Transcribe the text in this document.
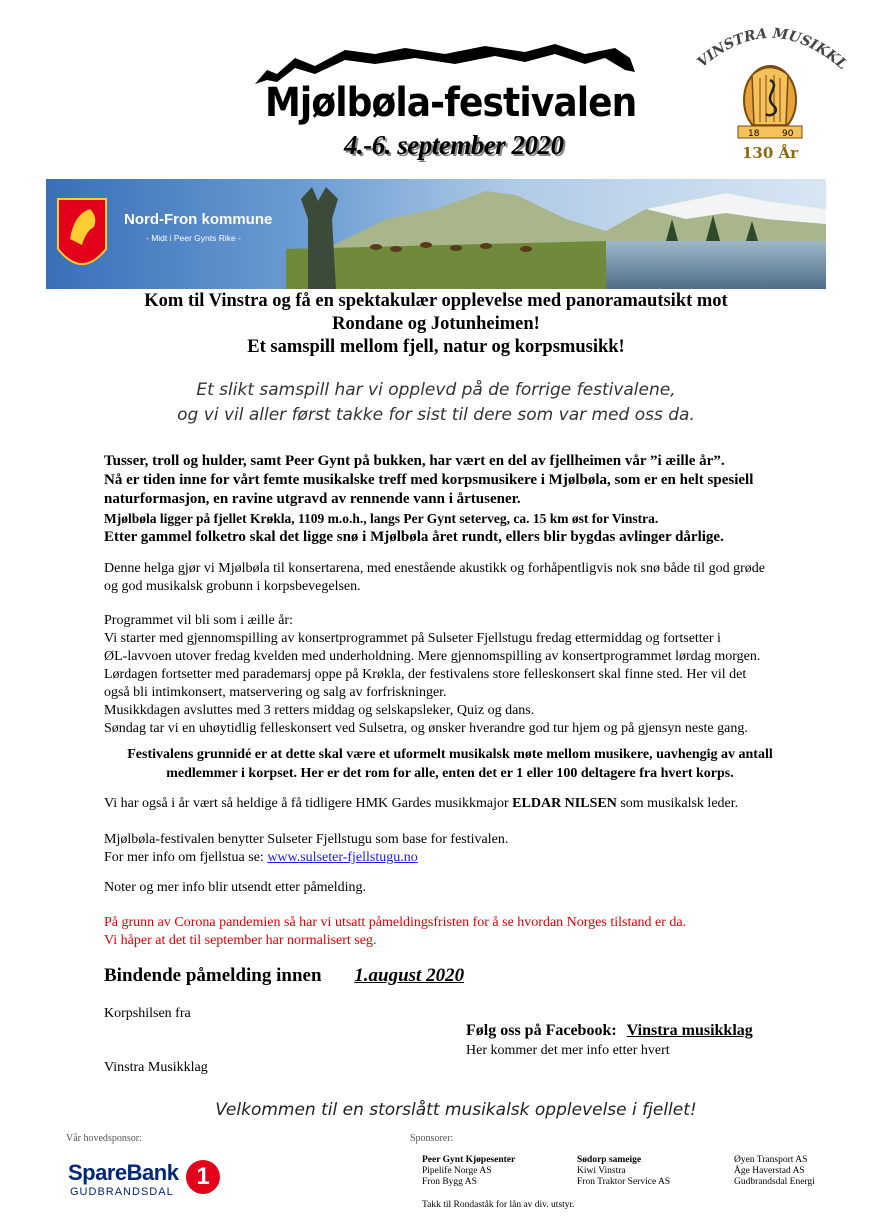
Mjølbøla-festivalen
4.-6. september 2020
VINSTRA MUSIKKL
18	90
130 År
Nord-Fron kommune
- Midt i Peer Gynts Rike -
Kom til Vinstra og få en spektakulær opplevelse med panoramautsikt mot
Rondane og Jotunheimen!
Et samspill mellom fjell, natur og korpsmusikk!
Et slikt samspill har vi opplevd på de forrige festivalene,
og vi vil aller først takke for sist til dere som var med oss da.
Tusser, troll og hulder, samt Peer Gynt på bukken, har vært en del av fjellheimen vår ”i æille år”.
Nå er tiden inne for vårt femte musikalske treff med korpsmusikere i Mjølbøla, som er en helt spesiell
naturformasjon, en ravine utgravd av rennende vann i årtusener.
Mjølbøla ligger på fjellet Krøkla, 1109 m.o.h., langs Per Gynt seterveg, ca. 15 km øst for Vinstra.
Etter gammel folketro skal det ligge snø i Mjølbøla året rundt, ellers blir bygdas avlinger dårlige.
Denne helga gjør vi Mjølbøla til konsertarena, med enestående akustikk og forhåpentligvis nok snø både til god grøde
og god musikalsk grobunn i korpsbevegelsen.
Programmet vil bli som i æille år:
Vi starter med gjennomspilling av konsertprogrammet på Sulseter Fjellstugu fredag ettermiddag og fortsetter i
ØL-lavvoen utover fredag kvelden med underholdning. Mere gjennomspilling av konsertprogrammet lørdag morgen.
Lørdagen fortsetter med parademarsj oppe på Krøkla, der festivalens store felleskonsert skal finne sted. Her vil det
også bli intimkonsert, matservering og salg av forfriskninger.
Musikkdagen avsluttes med 3 retters middag og selskapsleker, Quiz og dans.
Søndag tar vi en uhøytidlig felleskonsert ved Sulsetra, og ønsker hverandre god tur hjem og på gjensyn neste gang.
Festivalens grunnidé er at dette skal være et uformelt musikalsk møte mellom musikere, uavhengig av antall
medlemmer i korpset. Her er det rom for alle, enten det er 1 eller 100 deltagere fra hvert korps.
Vi har også i år vært så heldige å få tidligere HMK Gardes musikkmajor ELDAR NILSEN som musikalsk leder.
Mjølbøla-festivalen benytter Sulseter Fjellstugu som base for festivalen.
For mer info om fjellstua se: www.sulseter-fjellstugu.no
Noter og mer info blir utsendt etter påmelding.
På grunn av Corona pandemien så har vi utsatt påmeldingsfristen for å se hvordan Norges tilstand er da.
Vi håper at det til september har normalisert seg.
Bindende påmelding innen 1.august 2020
Korpshilsen fra
Følg oss på Facebook: Vinstra musikklag
Her kommer det mer info etter hvert
Vinstra Musikklag
Velkommen til en storslått musikalsk opplevelse i fjellet!
Vår hovedsponsor:
SpareBank
GUDBRANDSDAL
1
Sponsorer:
Peer Gynt Kjøpesenter
Pipelife Norge AS
Fron Bygg AS
Sødorp sameige
Kiwi Vinstra
Fron Traktor Service AS
Øyen Transport AS
Åge Haverstad AS
Gudbrandsdal Energi
Takk til Rondaståk for lån av div. utstyr.
